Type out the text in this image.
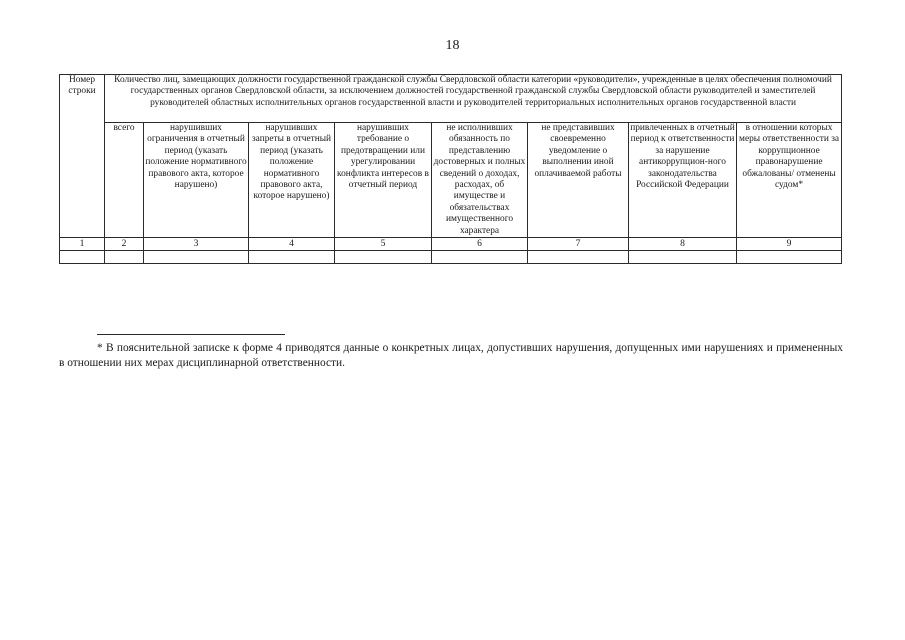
18
Номер строки	Количество лиц, замещающих должности государственной гражданской службы Свердловской области категории «руководители», учрежденные в целях обеспечения полномочий государственных органов Свердловской области, за исключением должностей государственной гражданской службы Свердловской области руководителей и заместителей руководителей областных исполнительных органов государственной власти и руководителей территориальных исполнительных органов государственной власти							
	всего	нарушивших ограничения в отчетный период (указать положение нормативного правового акта, которое нарушено)	нарушивших запреты в отчетный период (указать положение нормативного правового акта, которое нарушено)	нарушивших требование о предотвращении или урегулировании конфликта интересов в отчетный период	не исполнивших обязанность по представлению достоверных и полных сведений о доходах, расходах, об имуществе и обязательствах имущественного характера	не представивших своевременно уведомление о выполнении иной оплачиваемой работы	привлеченных в отчетный период к ответственности за нарушение антикоррупцион-ного законодательства Российской Федерации	в отношении которых меры ответственности за коррупционное правонарушение обжалованы/ отменены судом*
1	2	3	4	5	6	7	8	9

* В пояснительной записке к форме 4 приводятся данные о конкретных лицах, допустивших нарушения, допущенных ими нарушениях и примененных в отношении них мерах дисциплинарной ответственности.
